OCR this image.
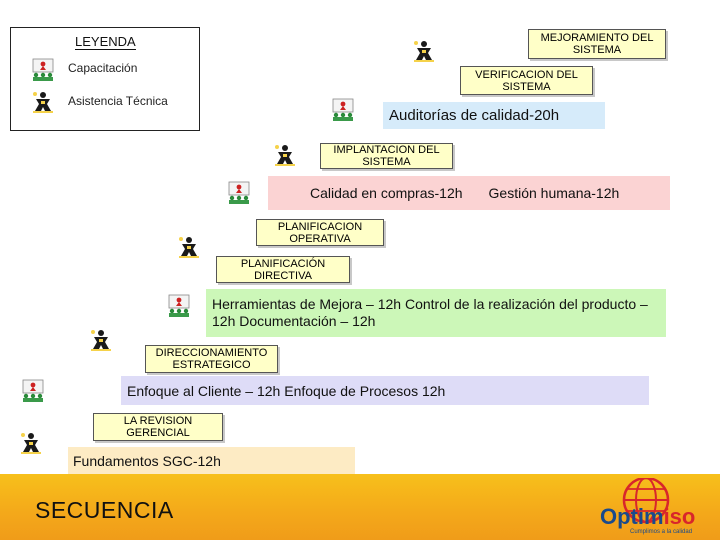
LEYENDA
Capacitación
Asistencia Técnica
MEJORAMIENTO DEL SISTEMA
VERIFICACION DEL SISTEMA
Auditorías de calidad-20h
IMPLANTACION DEL SISTEMA
Calidad en compras-12h Gestión humana-12h
PLANIFICACION OPERATIVA
PLANIFICACIÓN DIRECTIVA
Herramientas de Mejora – 12h Control de la realización del producto – 12h Documentación – 12h
DIRECCIONAMIENTO ESTRATEGICO
Enfoque al Cliente – 12h Enfoque de Procesos 12h
LA REVISION GERENCIAL
Fundamentos SGC-12h
SECUENCIA	Optimiso
Cumplimos a la calidad
